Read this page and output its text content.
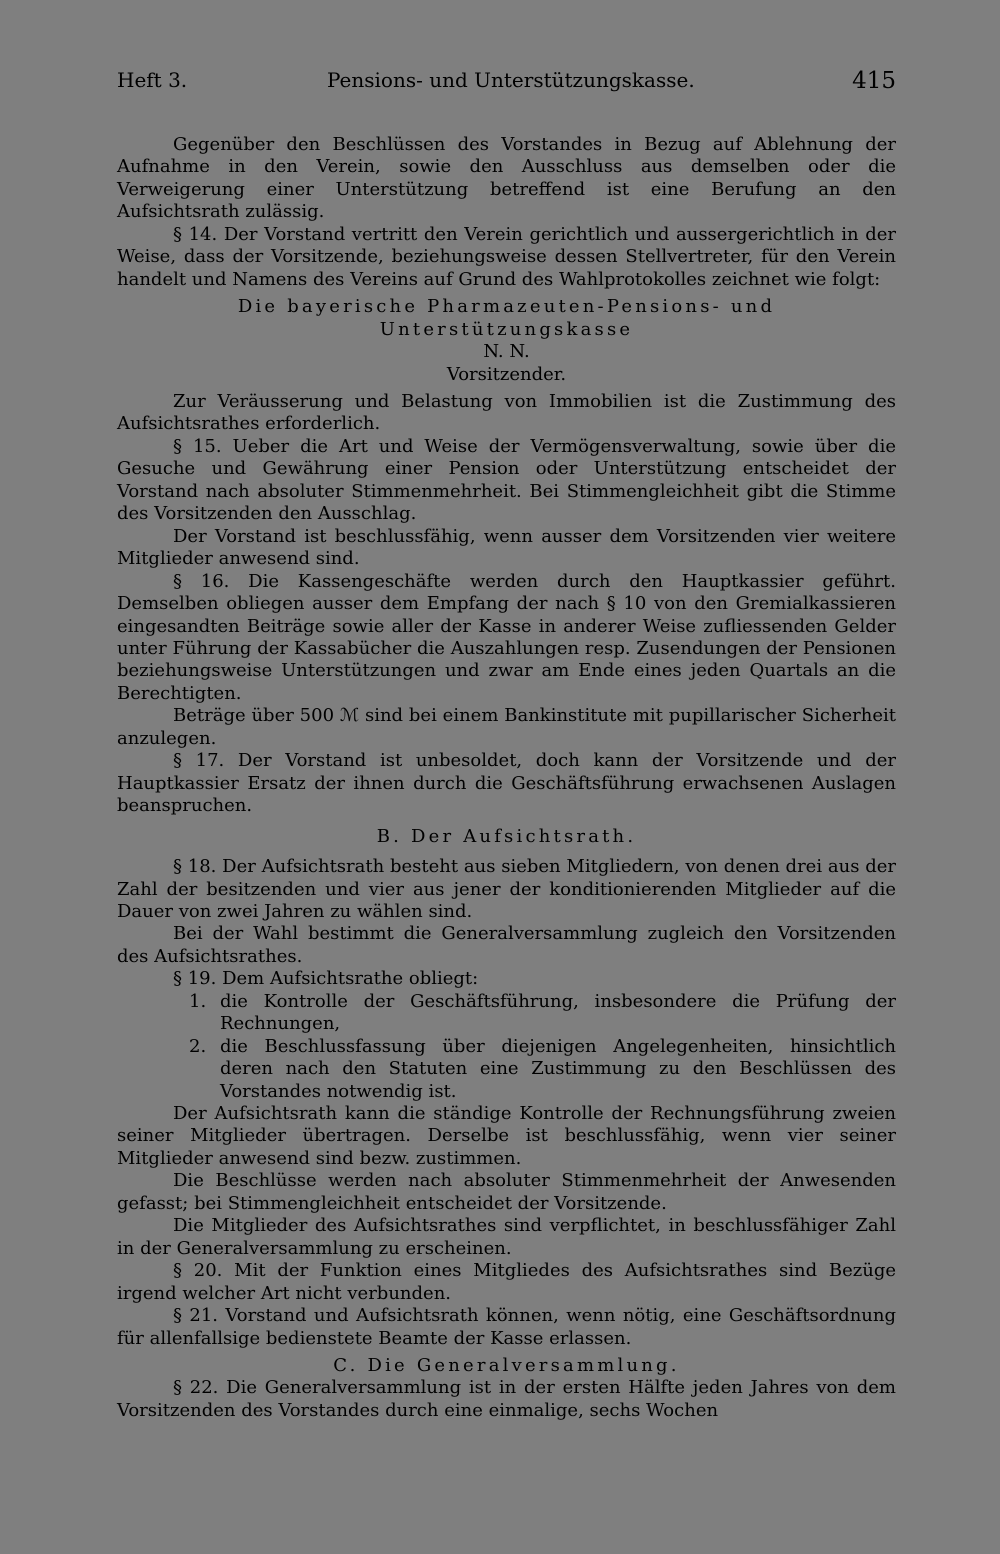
Heft 3.	Pensions- und Unterstützungskasse.	415

Gegenüber den Beschlüssen des Vorstandes in Bezug auf Ablehnung der Aufnahme in den Verein, sowie den Ausschluss aus demselben oder die Verweigerung einer Unterstützung betreffend ist eine Berufung an den Aufsichtsrath zulässig.

§ 14. Der Vorstand vertritt den Verein gerichtlich und aussergerichtlich in der Weise, dass der Vorsitzende, beziehungsweise dessen Stellvertreter, für den Verein handelt und Namens des Vereins auf Grund des Wahlprotokolles zeichnet wie folgt:

Die bayerische Pharmazeuten-Pensions- und

Unterstützungskasse

N. N.

Vorsitzender.

Zur Veräusserung und Belastung von Immobilien ist die Zustimmung des Aufsichtsrathes erforderlich.

§ 15. Ueber die Art und Weise der Vermögensverwaltung, sowie über die Gesuche und Gewährung einer Pension oder Unterstützung entscheidet der Vorstand nach absoluter Stimmenmehrheit. Bei Stimmengleichheit gibt die Stimme des Vorsitzenden den Ausschlag.

Der Vorstand ist beschlussfähig, wenn ausser dem Vorsitzenden vier weitere Mitglieder anwesend sind.

§ 16. Die Kassengeschäfte werden durch den Hauptkassier geführt. Demselben obliegen ausser dem Empfang der nach § 10 von den Gremialkassieren eingesandten Beiträge sowie aller der Kasse in anderer Weise zufliessenden Gelder unter Führung der Kassabücher die Auszahlungen resp. Zusendungen der Pensionen beziehungsweise Unterstützungen und zwar am Ende eines jeden Quartals an die Berechtigten.

Beträge über 500 ℳ sind bei einem Bankinstitute mit pupillarischer Sicherheit anzulegen.

§ 17. Der Vorstand ist unbesoldet, doch kann der Vorsitzende und der Hauptkassier Ersatz der ihnen durch die Geschäftsführung erwachsenen Auslagen beanspruchen.

B. Der Aufsichtsrath.

§ 18. Der Aufsichtsrath besteht aus sieben Mitgliedern, von denen drei aus der Zahl der besitzenden und vier aus jener der konditionierenden Mitglieder auf die Dauer von zwei Jahren zu wählen sind.

Bei der Wahl bestimmt die Generalversammlung zugleich den Vorsitzenden des Aufsichtsrathes.

§ 19. Dem Aufsichtsrathe obliegt:

1. die Kontrolle der Geschäftsführung, insbesondere die Prüfung der Rechnungen,
2. die Beschlussfassung über diejenigen Angelegenheiten, hinsichtlich deren nach den Statuten eine Zustimmung zu den Beschlüssen des Vorstandes notwendig ist.

Der Aufsichtsrath kann die ständige Kontrolle der Rechnungsführung zweien seiner Mitglieder übertragen. Derselbe ist beschlussfähig, wenn vier seiner Mitglieder anwesend sind bezw. zustimmen.

Die Beschlüsse werden nach absoluter Stimmenmehrheit der Anwesenden gefasst; bei Stimmengleichheit entscheidet der Vorsitzende.

Die Mitglieder des Aufsichtsrathes sind verpflichtet, in beschlussfähiger Zahl in der Generalversammlung zu erscheinen.

§ 20. Mit der Funktion eines Mitgliedes des Aufsichtsrathes sind Bezüge irgend welcher Art nicht verbunden.

§ 21. Vorstand und Aufsichtsrath können, wenn nötig, eine Geschäftsordnung für allenfallsige bedienstete Beamte der Kasse erlassen.

C. Die Generalversammlung.

§ 22. Die Generalversammlung ist in der ersten Hälfte jeden Jahres von dem Vorsitzenden des Vorstandes durch eine einmalige, sechs Wochen
